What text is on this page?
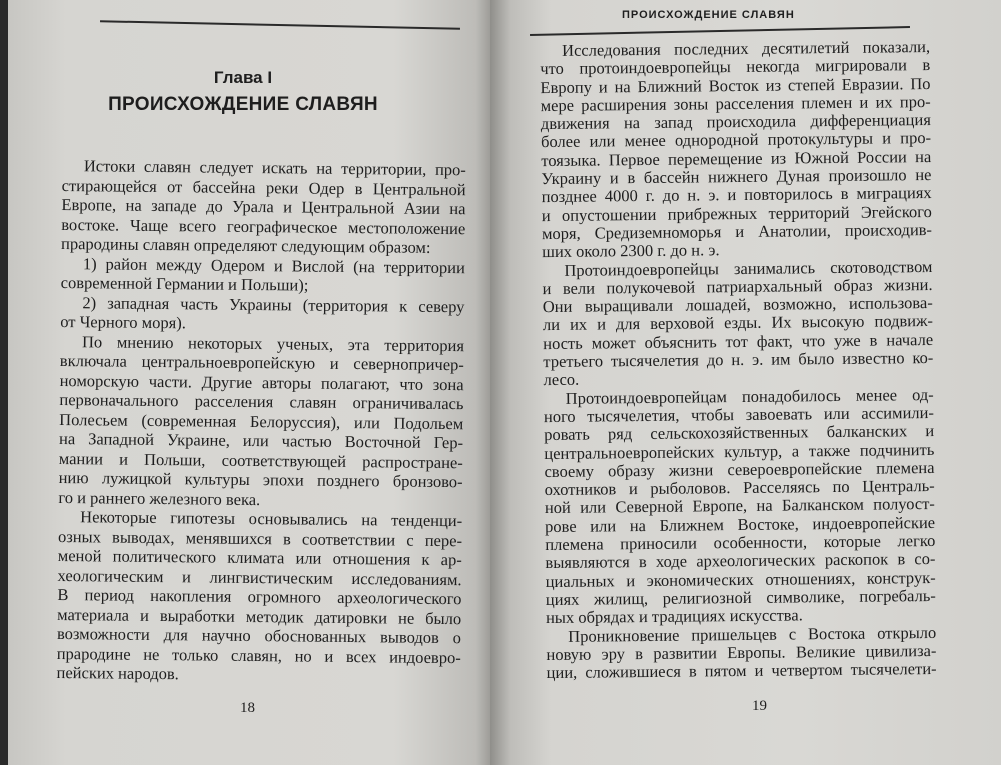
Глава I
ПРОИСХОЖДЕНИЕ СЛАВЯН
Истоки славян следует искать на территории, про-
стирающейся от бассейна реки Одер в Центральной
Европе, на западе до Урала и Центральной Азии на
востоке. Чаще всего географическое местоположение
прародины славян определяют следующим образом:
1) район между Одером и Вислой (на территории
современной Германии и Польши);
2) западная часть Украины (территория к северу
от Черного моря).
По мнению некоторых ученых, эта территория
включала центральноевропейскую и севернопричер-
номорскую части. Другие авторы полагают, что зона
первоначального расселения славян ограничивалась
Полесьем (современная Белоруссия), или Подольем
на Западной Украине, или частью Восточной Гер-
мании и Польши, соответствующей распростране-
нию лужицкой культуры эпохи позднего бронзово-
го и раннего железного века.
Некоторые гипотезы основывались на тенденци-
озных выводах, менявшихся в соответствии с пере-
меной политического климата или отношения к ар-
хеологическим и лингвистическим исследованиям.
В период накопления огромного археологического
материала и выработки методик датировки не было
возможности для научно обоснованных выводов о
прародине не только славян, но и всех индоевро-
пейских народов.
18
ПРОИСХОЖДЕНИЕ СЛАВЯН
Исследования последних десятилетий показали,
что протоиндоевропейцы некогда мигрировали в
Европу и на Ближний Восток из степей Евразии. По
мере расширения зоны расселения племен и их про-
движения на запад происходила дифференциация
более или менее однородной протокультуры и про-
тоязыка. Первое перемещение из Южной России на
Украину и в бассейн нижнего Дуная произошло не
позднее 4000 г. до н. э. и повторилось в миграциях
и опустошении прибрежных территорий Эгейского
моря, Средиземноморья и Анатолии, происходив-
ших около 2300 г. до н. э.
Протоиндоевропейцы занимались скотоводством
и вели полукочевой патриархальный образ жизни.
Они выращивали лошадей, возможно, использова-
ли их и для верховой езды. Их высокую подвиж-
ность может объяснить тот факт, что уже в начале
третьего тысячелетия до н. э. им было известно ко-
лесо.
Протоиндоевропейцам понадобилось менее од-
ного тысячелетия, чтобы завоевать или ассимили-
ровать ряд сельскохозяйственных балканских и
центральноевропейских культур, а также подчинить
своему образу жизни североевропейские племена
охотников и рыболовов. Расселяясь по Централь-
ной или Северной Европе, на Балканском полуост-
рове или на Ближнем Востоке, индоевропейские
племена приносили особенности, которые легко
выявляются в ходе археологических раскопок в со-
циальных и экономических отношениях, конструк-
циях жилищ, религиозной символике, погребаль-
ных обрядах и традициях искусства.
Проникновение пришельцев с Востока открыло
новую эру в развитии Европы. Великие цивилиза-
ции, сложившиеся в пятом и четвертом тысячелети-
19
